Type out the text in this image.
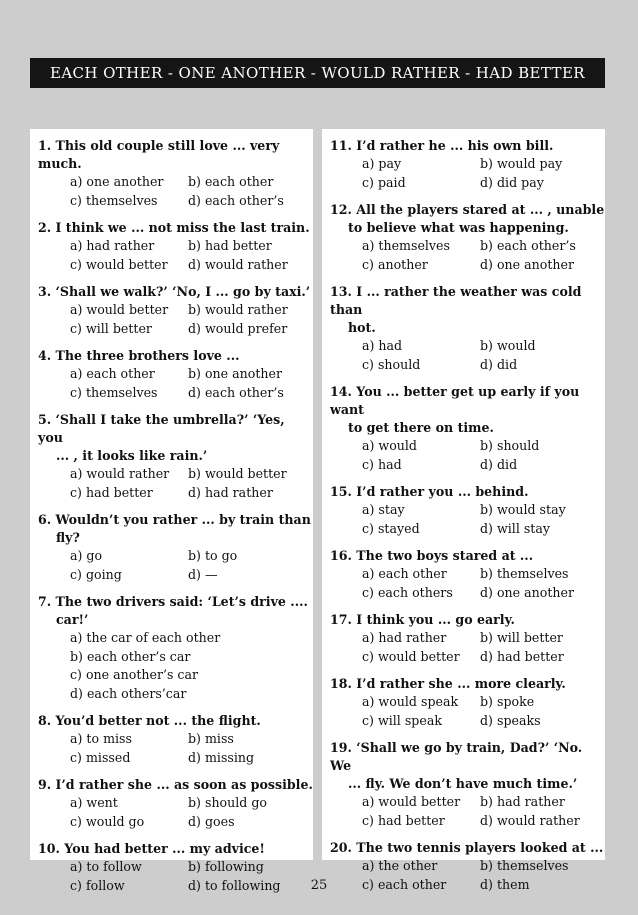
EACH OTHER - ONE ANOTHER - WOULD RATHER - HAD BETTER
1. This old couple still love ... very much.
a) one another	b) each other
c) themselves	d) each other’s
2. I think we ... not miss the last train.
a) had rather	b) had better
c) would better	d) would rather
3. ‘Shall we walk?’ ‘No, I ... go by taxi.’
a) would better	b) would rather
c) will better	d) would prefer
4. The three brothers love ...
a) each other	b) one another
c) themselves	d) each other’s
5. ‘Shall I take the umbrella?’ ‘Yes, you
... , it looks like rain.’
a) would rather	b) would better
c) had better	d) had rather
6. Wouldn’t you rather ... by train than
fly?
a) go	b) to go
c) going	d) —
7. The two drivers said: ‘Let’s drive ....
car!’
a) the car of each other
b) each other’s car
c) one another’s car
d) each others’car
8. You’d better not ... the flight.
a) to miss	b) miss
c) missed	d) missing
9. I’d rather she ... as soon as possible.
a) went	b) should go
c) would go	d) goes
10. You had better ... my advice!
a) to follow	b) following
c) follow	d) to following
11. I’d rather he ... his own bill.
a) pay	b) would pay
c) paid	d) did pay
12. All the players stared at ... , unable
to believe what was happening.
a) themselves	b) each other’s
c) another	d) one another
13. I ... rather the weather was cold than
hot.
a) had	b) would
c) should	d) did
14. You ... better get up early if you want
to get there on time.
a) would	b) should
c) had	d) did
15. I’d rather you ... behind.
a) stay	b) would stay
c) stayed	d) will stay
16. The two boys stared at ...
a) each other	b) themselves
c) each others	d) one another
17. I think you ... go early.
a) had rather	b) will better
c) would better	d) had better
18. I’d rather she ... more clearly.
a) would speak	b) spoke
c) will speak	d) speaks
19. ‘Shall we go by train, Dad?’ ‘No. We
... fly. We don’t have much time.’
a) would better	b) had rather
c) had better	d) would rather
20. The two tennis players looked at ...
a) the other	b) themselves
c) each other	d) them
25
